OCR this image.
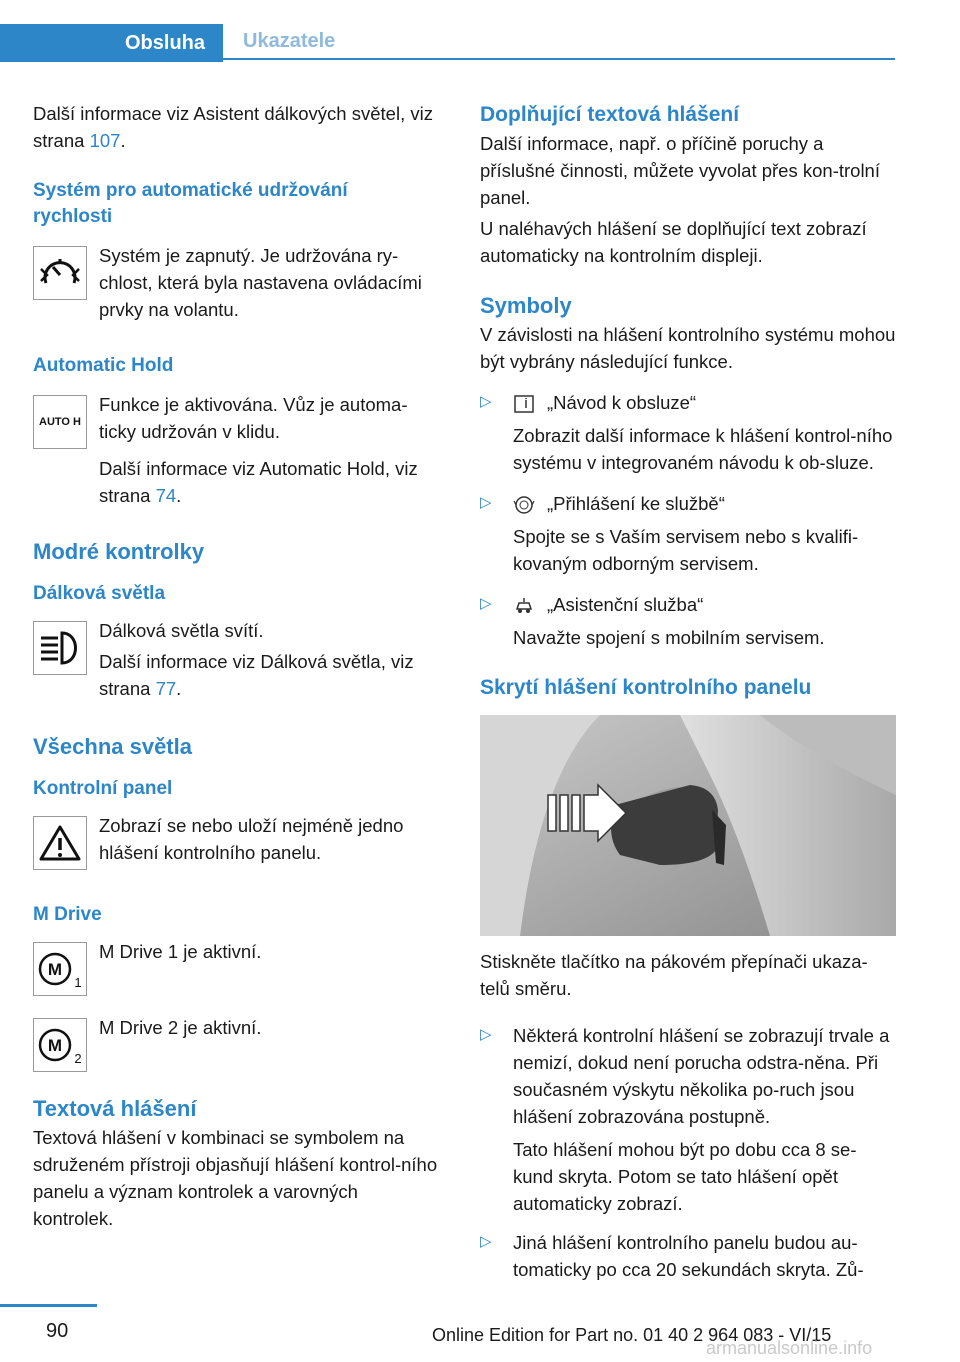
Obsluha	Ukazatele

Další informace viz Asistent dálkových světel, viz strana 107.

Systém pro automatické udržování rychlosti

Systém je zapnutý. Je udržována ry-chlost, která byla nastavena ovládacími prvky na volantu.

Automatic Hold
AUTO H

Funkce je aktivována. Vůz je automa-ticky udržován v klidu.

Další informace viz Automatic Hold, viz strana 74.

Modré kontrolky
Dálková světla

Dálková světla svítí.

Další informace viz Dálková světla, viz strana 77.

Všechna světla
Kontrolní panel

Zobrazí se nebo uloží nejméně jedno hlášení kontrolního panelu.

M Drive
M
1

M Drive 1 je aktivní.

M
2

M Drive 2 je aktivní.

Textová hlášení

Textová hlášení v kombinaci se symbolem na sdruženém přístroji objasňují hlášení kontrol-ního panelu a význam kontrolek a varovných kontrolek.

Doplňující textová hlášení

Další informace, např. o příčině poruchy a příslušné činnosti, můžete vyvolat přes kon-trolní panel.

U naléhavých hlášení se doplňující text zobrazí automaticky na kontrolním displeji.

Symboly

V závislosti na hlášení kontrolního systému mohou být vybrány následující funkce.

▷	„Návod k obsluze“

Zobrazit další informace k hlášení kontrol-ního systému v integrovaném návodu k ob-sluze.

▷	„Přihlášení ke službě“

Spojte se s Vaším servisem nebo s kvalifi-kovaným odborným servisem.

▷	„Asistenční služba“

Navažte spojení s mobilním servisem.

Skrytí hlášení kontrolního panelu

Stiskněte tlačítko na pákovém přepínači ukaza-telů směru.

▷ Některá kontrolní hlášení se zobrazují trvale a nemizí, dokud není porucha odstra-něna. Při současném výskytu několika po-ruch jsou hlášení zobrazována postupně.

Tato hlášení mohou být po dobu cca 8 se-kund skryta. Potom se tato hlášení opět automaticky zobrazí.

▷ Jiná hlášení kontrolního panelu budou au-tomaticky po cca 20 sekundách skryta. Zů-

90	Online Edition for Part no. 01 40 2 964 083 - VI/15
armanualsonline.info
